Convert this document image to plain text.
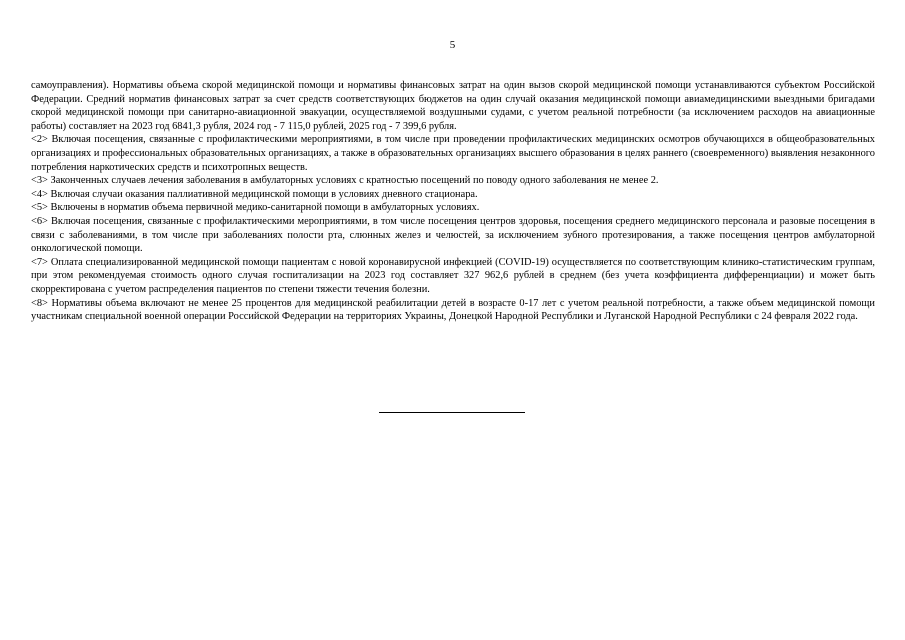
5

самоуправления). Нормативы объема скорой медицинской помощи и нормативы финансовых затрат на один вызов скорой медицинской помощи устанавливаются субъектом Российской Федерации. Средний норматив финансовых затрат за счет средств соответствующих бюджетов на один случай оказания медицинской помощи авиамедицинскими выездными бригадами скорой медицинской помощи при санитарно-авиационной эвакуации, осуществляемой воздушными судами, с учетом реальной потребности (за исключением расходов на авиационные работы) составляет на 2023 год 6841,3 рубля, 2024 год - 7 115,0 рублей, 2025 год - 7 399,6 рубля.

<2> Включая посещения, связанные с профилактическими мероприятиями, в том числе при проведении профилактических медицинских осмотров обучающихся в общеобразовательных организациях и профессиональных образовательных организациях, а также в образовательных организациях высшего образования в целях раннего (своевременного) выявления незаконного потребления наркотических средств и психотропных веществ.

<3> Законченных случаев лечения заболевания в амбулаторных условиях с кратностью посещений по поводу одного заболевания не менее 2.

<4> Включая случаи оказания паллиативной медицинской помощи в условиях дневного стационара.

<5> Включены в норматив объема первичной медико-санитарной помощи в амбулаторных условиях.

<6> Включая посещения, связанные с профилактическими мероприятиями, в том числе посещения центров здоровья, посещения среднего медицинского персонала и разовые посещения в связи с заболеваниями, в том числе при заболеваниях полости рта, слюнных желез и челюстей, за исключением зубного протезирования, а также посещения центров амбулаторной онкологической помощи.

<7> Оплата специализированной медицинской помощи пациентам с новой коронавирусной инфекцией (COVID-19) осуществляется по соответствующим клинико-статистическим группам, при этом рекомендуемая стоимость одного случая госпитализации на 2023 год составляет 327 962,6 рублей в среднем (без учета коэффициента дифференциации) и может быть скорректирована с учетом распределения пациентов по степени тяжести течения болезни.

<8> Нормативы объема включают не менее 25 процентов для медицинской реабилитации детей в возрасте 0-17 лет с учетом реальной потребности, а также объем медицинской помощи участникам специальной военной операции Российской Федерации на территориях Украины, Донецкой Народной Республики и Луганской Народной Республики с 24 февраля 2022 года.
